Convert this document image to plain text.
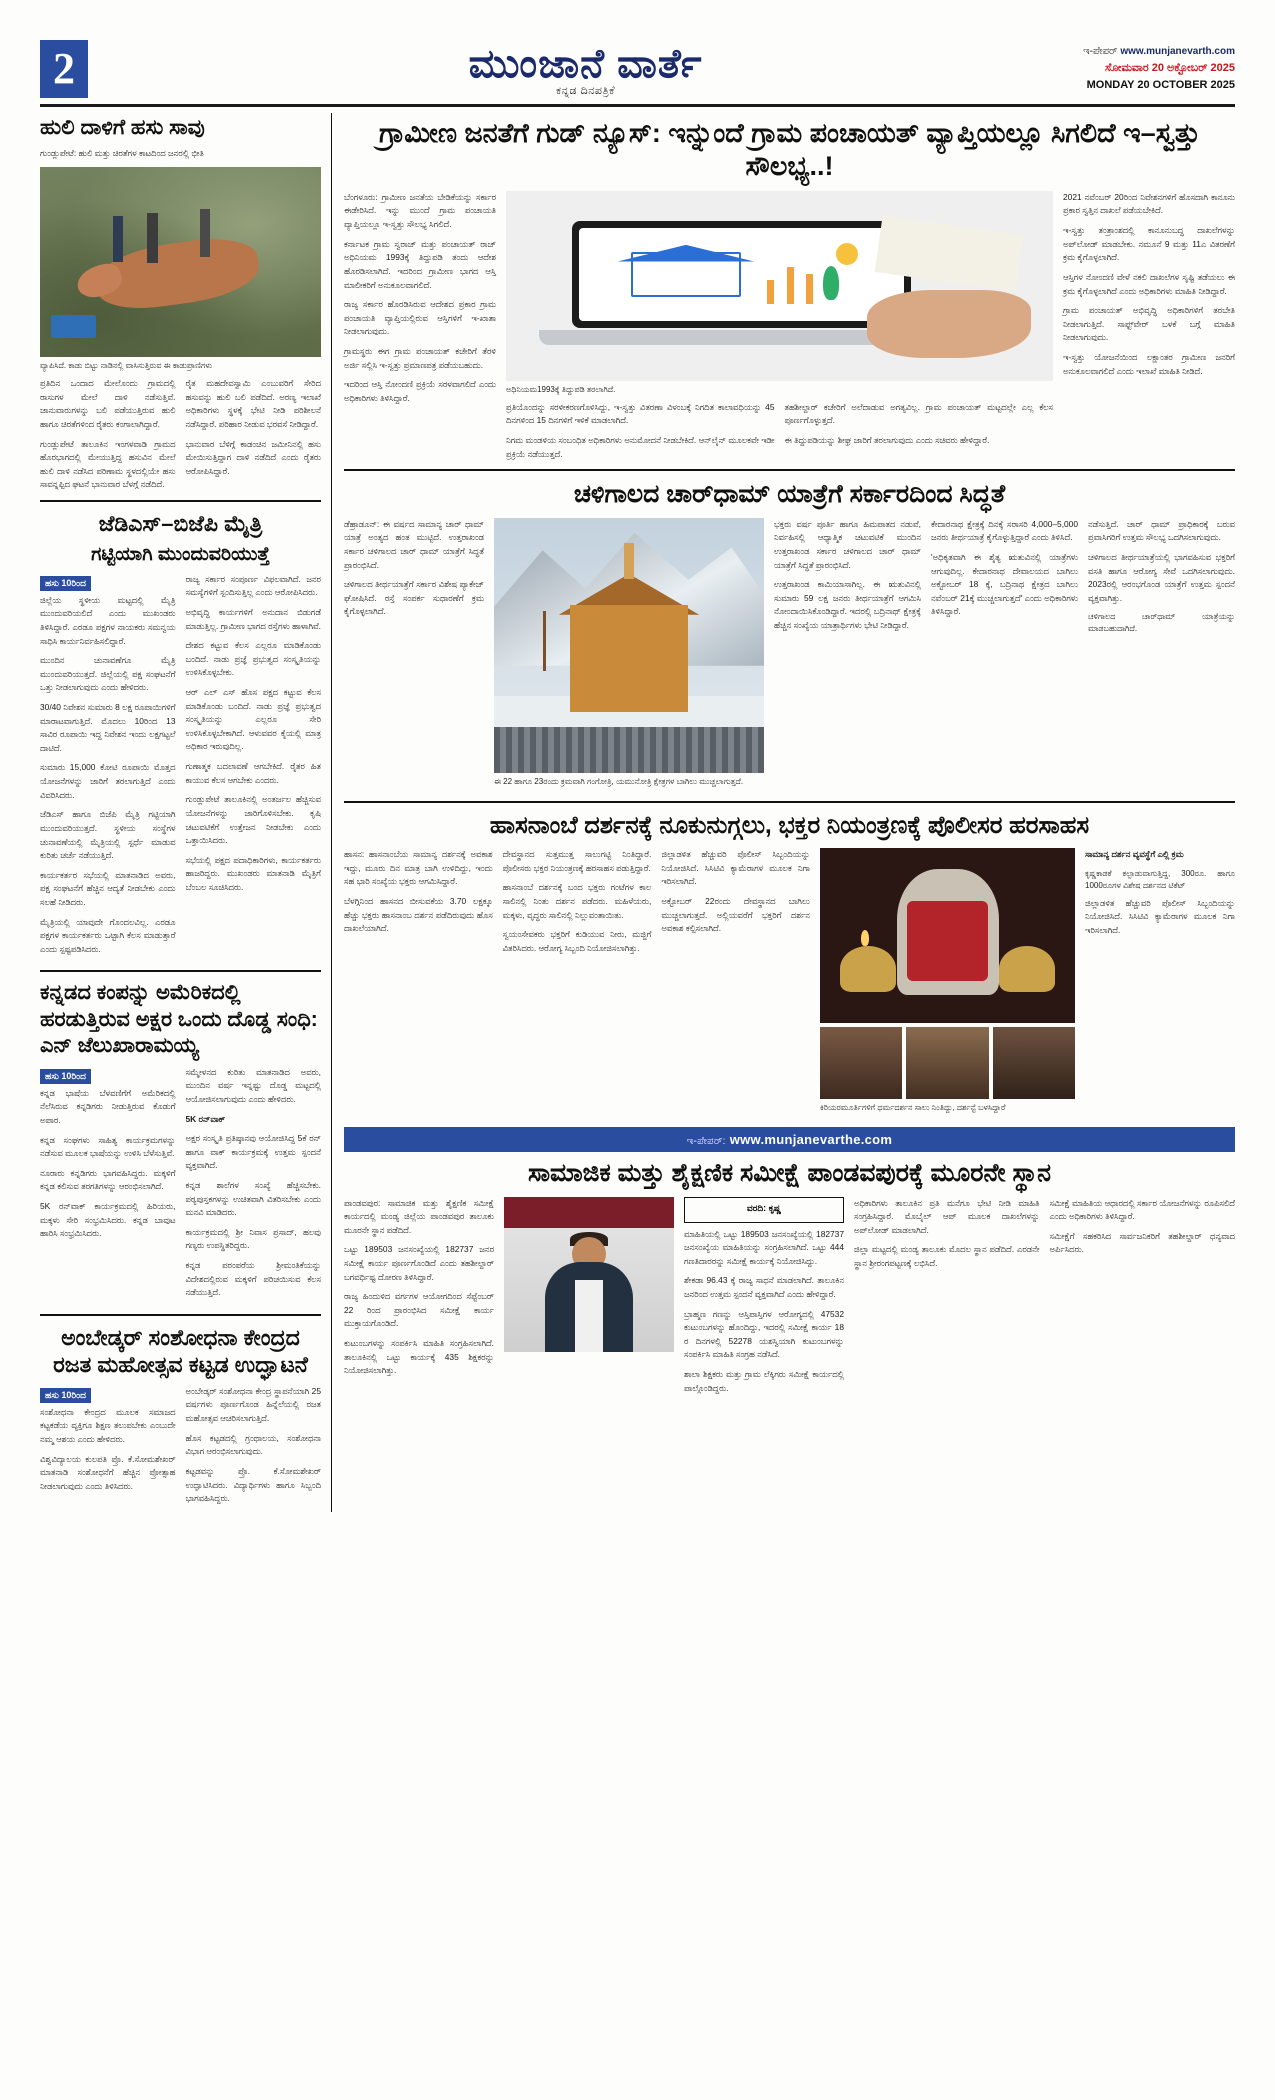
2	ಮುಂಜಾನೆ ವಾರ್ತೆ
ಕನ್ನಡ ದಿನಪತ್ರಿಕೆ
ಇ-ಪೇಪರ್ www.munjanevarth.com
ಸೋಮವಾರ 20 ಅಕ್ಟೋಬರ್ 2025
MONDAY 20 OCTOBER 2025
ಹುಲಿ ದಾಳಿಗೆ ಹಸು ಸಾವು

ಗುಂಡ್ಲುಪೇಟೆ: ಹುಲಿ ಮತ್ತು ಚಿರತೆಗಳ ಕಾಟದಿಂದ ಜನರಲ್ಲಿ ಭೀತಿ

ವ್ಯಾಪಿಸಿದೆ. ಕಾಡು ಬಿಟ್ಟು ನಾಡಿನಲ್ಲಿ ವಾಸಿಸುತ್ತಿರುವ ಈ ಕಾಡುಪ್ರಾಣಿಗಳು

ಪ್ರತಿದಿನ ಒಂದಾದ ಮೇಲೊಂದು ಗ್ರಾಮದಲ್ಲಿ ರಾಸುಗಳ ಮೇಲೆ ದಾಳಿ ನಡೆಸುತ್ತಿವೆ. ಜಾನುವಾರುಗಳನ್ನು ಬಲಿ ಪಡೆಯುತ್ತಿರುವ ಹುಲಿ ಹಾಗೂ ಚಿರತೆಗಳಿಂದ ರೈತರು ಕಂಗಾಲಾಗಿದ್ದಾರೆ.

ಗುಂಡ್ಲುಪೇಟೆ ತಾಲೂಕಿನ ಇಂಗಳವಾಡಿ ಗ್ರಾಮದ ಹೊರಭಾಗದಲ್ಲಿ ಮೇಯುತ್ತಿದ್ದ ಹಸುವಿನ ಮೇಲೆ ಹುಲಿ ದಾಳಿ ನಡೆಸಿದ ಪರಿಣಾಮ ಸ್ಥಳದಲ್ಲಿಯೇ ಹಸು ಸಾವನ್ನಪ್ಪಿದ ಘಟನೆ ಭಾನುವಾರ ಬೆಳಗ್ಗೆ ನಡೆದಿದೆ.

ರೈತ ಮಹದೇವಸ್ವಾಮಿ ಎಂಬುವರಿಗೆ ಸೇರಿದ ಹಸುವನ್ನು ಹುಲಿ ಬಲಿ ಪಡೆದಿದೆ. ಅರಣ್ಯ ಇಲಾಖೆ ಅಧಿಕಾರಿಗಳು ಸ್ಥಳಕ್ಕೆ ಭೇಟಿ ನೀಡಿ ಪರಿಶೀಲನೆ ನಡೆಸಿದ್ದಾರೆ. ಪರಿಹಾರ ನೀಡುವ ಭರವಸೆ ನೀಡಿದ್ದಾರೆ.

ಭಾನುವಾರ ಬೆಳಿಗ್ಗೆ ಕಾಡಂಚಿನ ಜಮೀನಿನಲ್ಲಿ ಹಸು ಮೇಯಿಸುತ್ತಿದ್ದಾಗ ದಾಳಿ ನಡೆದಿದೆ ಎಂದು ರೈತರು ಆರೋಪಿಸಿದ್ದಾರೆ.

ಜೆಡಿಎಸ್–ಬಿಜೆಪಿ ಮೈತ್ರಿ
ಗಟ್ಟಿಯಾಗಿ ಮುಂದುವರಿಯುತ್ತೆ
ಹಸು 10ರಿಂದ

ಜಿಲ್ಲೆಯ ಸ್ಥಳೀಯ ಮಟ್ಟದಲ್ಲಿ ಮೈತ್ರಿ ಮುಂದುವರಿಯಲಿದೆ ಎಂದು ಮುಖಂಡರು ತಿಳಿಸಿದ್ದಾರೆ. ಎರಡೂ ಪಕ್ಷಗಳ ನಾಯಕರು ಸಮನ್ವಯ ಸಾಧಿಸಿ ಕಾರ್ಯನಿರ್ವಹಿಸಲಿದ್ದಾರೆ.

ಮುಂದಿನ ಚುನಾವಣೆಗೂ ಮೈತ್ರಿ ಮುಂದುವರಿಯುತ್ತದೆ. ಜಿಲ್ಲೆಯಲ್ಲಿ ಪಕ್ಷ ಸಂಘಟನೆಗೆ ಒತ್ತು ನೀಡಲಾಗುವುದು ಎಂದು ಹೇಳಿದರು.

30/40 ನಿವೇಶನ ಸುಮಾರು 8 ಲಕ್ಷ ರೂಪಾಯಿಗಳಿಗೆ ಮಾರಾಟವಾಗುತ್ತಿದೆ. ಮೊದಲು 10ರಿಂದ 13 ಸಾವಿರ ರೂಪಾಯಿ ಇದ್ದ ನಿವೇಶನ ಇಂದು ಲಕ್ಷಗಟ್ಟಲೆ ದಾಟಿದೆ.

ಸುಮಾರು 15,000 ಕೋಟಿ ರೂಪಾಯಿ ಮೊತ್ತದ ಯೋಜನೆಗಳನ್ನು ಜಾರಿಗೆ ತರಲಾಗುತ್ತಿದೆ ಎಂದು ವಿವರಿಸಿದರು.

ಜೆಡಿಎಸ್ ಹಾಗೂ ಬಿಜೆಪಿ ಮೈತ್ರಿ ಗಟ್ಟಿಯಾಗಿ ಮುಂದುವರಿಯುತ್ತದೆ. ಸ್ಥಳೀಯ ಸಂಸ್ಥೆಗಳ ಚುನಾವಣೆಯಲ್ಲಿ ಮೈತ್ರಿಯಲ್ಲಿ ಸ್ಪರ್ಧೆ ಮಾಡುವ ಕುರಿತು ಚರ್ಚೆ ನಡೆಯುತ್ತಿದೆ.

ಕಾರ್ಯಕರ್ತರ ಸಭೆಯಲ್ಲಿ ಮಾತನಾಡಿದ ಅವರು, ಪಕ್ಷ ಸಂಘಟನೆಗೆ ಹೆಚ್ಚಿನ ಆದ್ಯತೆ ನೀಡಬೇಕು ಎಂದು ಸಲಹೆ ನೀಡಿದರು.

ಮೈತ್ರಿಯಲ್ಲಿ ಯಾವುದೇ ಗೊಂದಲವಿಲ್ಲ. ಎರಡೂ ಪಕ್ಷಗಳ ಕಾರ್ಯಕರ್ತರು ಒಟ್ಟಾಗಿ ಕೆಲಸ ಮಾಡುತ್ತಾರೆ ಎಂದು ಸ್ಪಷ್ಟಪಡಿಸಿದರು.

ರಾಜ್ಯ ಸರ್ಕಾರ ಸಂಪೂರ್ಣ ವಿಫಲವಾಗಿದೆ. ಜನರ ಸಮಸ್ಯೆಗಳಿಗೆ ಸ್ಪಂದಿಸುತ್ತಿಲ್ಲ ಎಂದು ಆರೋಪಿಸಿದರು.

ಅಭಿವೃದ್ಧಿ ಕಾರ್ಯಗಳಿಗೆ ಅನುದಾನ ಬಿಡುಗಡೆ ಮಾಡುತ್ತಿಲ್ಲ. ಗ್ರಾಮೀಣ ಭಾಗದ ರಸ್ತೆಗಳು ಹಾಳಾಗಿವೆ.

ದೇಶದ ಕಟ್ಟುವ ಕೆಲಸ ಎಲ್ಲರೂ ಮಾಡಿಕೊಂಡು ಬಂದಿದೆ. ನಾಡು ಪ್ರಜ್ಞೆ ಪ್ರಭುತ್ವದ ಸಂಸ್ಕೃತಿಯನ್ನು ಉಳಿಸಿಕೊಳ್ಳಬೇಕು.

ಆರ್ ಎಲ್ ಎಸ್ ಹೊಸ ಪಕ್ಷದ ಕಟ್ಟುವ ಕೆಲಸ ಮಾಡಿಕೊಂಡು ಬಂದಿದೆ. ನಾಡು ಪ್ರಜ್ಞೆ ಪ್ರಭುತ್ವದ ಸಂಸ್ಕೃತಿಯನ್ನು ಎಲ್ಲರೂ ಸೇರಿ ಉಳಿಸಿಕೊಳ್ಳಬೇಕಾಗಿದೆ. ಆಳುವವರ ಕೈಯಲ್ಲಿ ಮಾತ್ರ ಅಧಿಕಾರ ಇರುವುದಿಲ್ಲ.

ಗುಣಾತ್ಮಕ ಬದಲಾವಣೆ ಆಗಬೇಕಿದೆ. ರೈತರ ಹಿತ ಕಾಯುವ ಕೆಲಸ ಆಗಬೇಕು ಎಂದರು.

ಗುಂಡ್ಲುಪೇಟೆ ತಾಲೂಕಿನಲ್ಲಿ ಅಂತರ್ಜಲ ಹೆಚ್ಚಿಸುವ ಯೋಜನೆಗಳನ್ನು ಜಾರಿಗೊಳಿಸಬೇಕು. ಕೃಷಿ ಚಟುವಟಿಕೆಗೆ ಉತ್ತೇಜನ ನೀಡಬೇಕು ಎಂದು ಒತ್ತಾಯಿಸಿದರು.

ಸಭೆಯಲ್ಲಿ ಪಕ್ಷದ ಪದಾಧಿಕಾರಿಗಳು, ಕಾರ್ಯಕರ್ತರು ಹಾಜರಿದ್ದರು. ಮುಖಂಡರು ಮಾತನಾಡಿ ಮೈತ್ರಿಗೆ ಬೆಂಬಲ ಸೂಚಿಸಿದರು.

ಕನ್ನಡದ ಕಂಪನ್ನು ಅಮೆರಿಕದಲ್ಲಿ ಹರಡುತ್ತಿರುವ ಅಕ್ಷರ ಒಂದು ದೊಡ್ಡ ಸಂಧಿ: ಎನ್ ಜೆಲುಖಾರಾಮಯ್ಯ
ಹಸು 10ರಿಂದ

ಕನ್ನಡ ಭಾಷೆಯ ಬೆಳವಣಿಗೆಗೆ ಅಮೆರಿಕದಲ್ಲಿ ನೆಲೆಸಿರುವ ಕನ್ನಡಿಗರು ನೀಡುತ್ತಿರುವ ಕೊಡುಗೆ ಅಪಾರ.

ಕನ್ನಡ ಸಂಘಗಳು ಸಾಹಿತ್ಯ ಕಾರ್ಯಕ್ರಮಗಳನ್ನು ನಡೆಸುವ ಮೂಲಕ ಭಾಷೆಯನ್ನು ಉಳಿಸಿ ಬೆಳೆಸುತ್ತಿವೆ.

ನೂರಾರು ಕನ್ನಡಿಗರು ಭಾಗವಹಿಸಿದ್ದರು. ಮಕ್ಕಳಿಗೆ ಕನ್ನಡ ಕಲಿಸುವ ತರಗತಿಗಳನ್ನು ಆರಂಭಿಸಲಾಗಿದೆ.

5K ರನ್‌ವಾಕ್ ಕಾರ್ಯಕ್ರಮದಲ್ಲಿ ಹಿರಿಯರು, ಮಕ್ಕಳು ಸೇರಿ ಸಂಭ್ರಮಿಸಿದರು. ಕನ್ನಡ ಬಾವುಟ ಹಾರಿಸಿ ಸಂಭ್ರಮಿಸಿದರು.

ಸಮ್ಮೇಳನದ ಕುರಿತು ಮಾತನಾಡಿದ ಅವರು, ಮುಂದಿನ ವರ್ಷ ಇನ್ನಷ್ಟು ದೊಡ್ಡ ಮಟ್ಟದಲ್ಲಿ ಆಯೋಜಿಸಲಾಗುವುದು ಎಂದು ಹೇಳಿದರು.

5K ರನ್‌ವಾಕ್

ಅಕ್ಷರ ಸಂಸ್ಕೃತಿ ಪ್ರತಿಷ್ಠಾನವು ಆಯೋಜಿಸಿದ್ದ 5ಕೆ ರನ್ ಹಾಗೂ ವಾಕ್ ಕಾರ್ಯಕ್ರಮಕ್ಕೆ ಉತ್ತಮ ಸ್ಪಂದನೆ ವ್ಯಕ್ತವಾಗಿದೆ.

ಕನ್ನಡ ಶಾಲೆಗಳ ಸಂಖ್ಯೆ ಹೆಚ್ಚಿಸಬೇಕು. ಪಠ್ಯಪುಸ್ತಕಗಳನ್ನು ಉಚಿತವಾಗಿ ವಿತರಿಸಬೇಕು ಎಂದು ಮನವಿ ಮಾಡಿದರು.

ಕಾರ್ಯಕ್ರಮದಲ್ಲಿ ಶ್ರೀ ನಿವಾಸ ಪ್ರಸಾದ್, ಹಲವು ಗಣ್ಯರು ಉಪಸ್ಥಿತರಿದ್ದರು.

ಕನ್ನಡ ಪರಂಪರೆಯ ಶ್ರೀಮಂತಿಕೆಯನ್ನು ವಿದೇಶದಲ್ಲಿರುವ ಮಕ್ಕಳಿಗೆ ಪರಿಚಯಿಸುವ ಕೆಲಸ ನಡೆಯುತ್ತಿದೆ.

ಅಂಬೇಡ್ಕರ್ ಸಂಶೋಧನಾ ಕೇಂದ್ರದ ರಜತ ಮಹೋತ್ಸವ ಕಟ್ಟಡ ಉದ್ಘಾಟನೆ
ಹಸು 10ರಿಂದ

ಸಂಶೋಧನಾ ಕೇಂದ್ರದ ಮೂಲಕ ಸಮಾಜದ ಕಟ್ಟಕಡೆಯ ವ್ಯಕ್ತಿಗೂ ಶಿಕ್ಷಣ ತಲುಪಬೇಕು ಎಂಬುದೇ ನಮ್ಮ ಆಶಯ ಎಂದು ಹೇಳಿದರು.

ವಿಶ್ವವಿದ್ಯಾಲಯ ಕುಲಪತಿ ಪ್ರೊ. ಕೆ.ಸೋಮಶೇಖರ್ ಮಾತನಾಡಿ ಸಂಶೋಧನೆಗೆ ಹೆಚ್ಚಿನ ಪ್ರೋತ್ಸಾಹ ನೀಡಲಾಗುವುದು ಎಂದು ತಿಳಿಸಿದರು.

ಅಂಬೇಡ್ಕರ್ ಸಂಶೋಧನಾ ಕೇಂದ್ರ ಸ್ಥಾಪನೆಯಾಗಿ 25 ವರ್ಷಗಳು ಪೂರ್ಣಗೊಂಡ ಹಿನ್ನೆಲೆಯಲ್ಲಿ ರಜತ ಮಹೋತ್ಸವ ಆಚರಿಸಲಾಗುತ್ತಿದೆ.

ಹೊಸ ಕಟ್ಟಡದಲ್ಲಿ ಗ್ರಂಥಾಲಯ, ಸಂಶೋಧನಾ ವಿಭಾಗ ಆರಂಭಿಸಲಾಗುವುದು.

ಕಟ್ಟಡವನ್ನು ಪ್ರೊ. ಕೆ.ಸೋಮಶೇಖರ್ ಉದ್ಘಾಟಿಸಿದರು. ವಿದ್ಯಾರ್ಥಿಗಳು ಹಾಗೂ ಸಿಬ್ಬಂದಿ ಭಾಗವಹಿಸಿದ್ದರು.

ಗ್ರಾಮೀಣ ಜನತೆಗೆ ಗುಡ್ ನ್ಯೂಸ್: ಇನ್ನುಂದೆ ಗ್ರಾಮ ಪಂಚಾಯತ್ ವ್ಯಾಪ್ತಿಯಲ್ಲೂ ಸಿಗಲಿದೆ ಇ–ಸ್ವತ್ತು ಸೌಲಭ್ಯ..!

ಬೆಂಗಳೂರು: ಗ್ರಾಮೀಣ ಜನತೆಯ ಬೇಡಿಕೆಯನ್ನು ಸರ್ಕಾರ ಈಡೇರಿಸಿದೆ. ಇನ್ನು ಮುಂದೆ ಗ್ರಾಮ ಪಂಚಾಯತಿ ವ್ಯಾಪ್ತಿಯಲ್ಲೂ ಇ-ಸ್ವತ್ತು ಸೌಲಭ್ಯ ಸಿಗಲಿದೆ.

ಕರ್ನಾಟಕ ಗ್ರಾಮ ಸ್ವರಾಜ್ ಮತ್ತು ಪಂಚಾಯತ್ ರಾಜ್ ಅಧಿನಿಯಮ 1993ಕ್ಕೆ ತಿದ್ದುಪಡಿ ತಂದು ಆದೇಶ ಹೊರಡಿಸಲಾಗಿದೆ. ಇದರಿಂದ ಗ್ರಾಮೀಣ ಭಾಗದ ಆಸ್ತಿ ಮಾಲೀಕರಿಗೆ ಅನುಕೂಲವಾಗಲಿದೆ.

ರಾಜ್ಯ ಸರ್ಕಾರ ಹೊರಡಿಸಿರುವ ಆದೇಶದ ಪ್ರಕಾರ ಗ್ರಾಮ ಪಂಚಾಯತಿ ವ್ಯಾಪ್ತಿಯಲ್ಲಿರುವ ಆಸ್ತಿಗಳಿಗೆ ಇ-ಖಾತಾ ನೀಡಲಾಗುವುದು.

ಗ್ರಾಮಸ್ಥರು ಈಗ ಗ್ರಾಮ ಪಂಚಾಯತ್ ಕಚೇರಿಗೆ ತೆರಳಿ ಅರ್ಜಿ ಸಲ್ಲಿಸಿ ಇ-ಸ್ವತ್ತು ಪ್ರಮಾಣಪತ್ರ ಪಡೆಯಬಹುದು.

ಇದರಿಂದ ಆಸ್ತಿ ನೋಂದಣಿ ಪ್ರಕ್ರಿಯೆ ಸರಳವಾಗಲಿದೆ ಎಂದು ಅಧಿಕಾರಿಗಳು ತಿಳಿಸಿದ್ದಾರೆ.

ಅಧಿನಿಯಮ1993ಕ್ಕೆ ತಿದ್ದುಪಡಿ ತರಲಾಗಿದೆ.

ಪ್ರತಿಯೊಂದನ್ನು ಸರಳೀಕರಣಗೊಳಿಸಿದ್ದು, ಇ-ಸ್ವತ್ತು ವಿತರಣಾ ವಿಳಂಬಕ್ಕೆ ನಿಗದಿತ ಕಾಲಾವಧಿಯನ್ನು 45 ದಿನಗಳಿಂದ 15 ದಿನಗಳಿಗೆ ಇಳಿಕೆ ಮಾಡಲಾಗಿದೆ.

ನಿಗಮ ಮಂಡಳಿಯ ಸಂಬಂಧಿತ ಅಧಿಕಾರಿಗಳು ಅನುಮೋದನೆ ನೀಡಬೇಕಿದೆ. ಆನ್‌ಲೈನ್ ಮೂಲಕವೇ ಇಡೀ ಪ್ರಕ್ರಿಯೆ ನಡೆಯುತ್ತದೆ.

ತಹಶೀಲ್ದಾರ್ ಕಚೇರಿಗೆ ಅಲೆದಾಡುವ ಅಗತ್ಯವಿಲ್ಲ. ಗ್ರಾಮ ಪಂಚಾಯತ್ ಮಟ್ಟದಲ್ಲೇ ಎಲ್ಲ ಕೆಲಸ ಪೂರ್ಣಗೊಳ್ಳುತ್ತದೆ.

ಈ ತಿದ್ದುಪಡಿಯನ್ನು ಶೀಘ್ರ ಜಾರಿಗೆ ತರಲಾಗುವುದು ಎಂದು ಸಚಿವರು ಹೇಳಿದ್ದಾರೆ.

2021 ನವೆಂಬರ್ 20ರಿಂದ ನಿವೇಶನಗಳಿಗೆ ಹೊಸದಾಗಿ ಕಾನೂನು ಪ್ರಕಾರ ಸ್ವತ್ತಿನ ದಾಖಲೆ ಪಡೆಯಬೇಕಿದೆ.

ಇ-ಸ್ವತ್ತು ತಂತ್ರಾಂಶದಲ್ಲಿ ಕಾನೂನುಬದ್ಧ ದಾಖಲೆಗಳನ್ನು ಅಪ್‌ಲೋಡ್ ಮಾಡಬೇಕು. ನಮೂನೆ 9 ಮತ್ತು 11ಎ ವಿತರಣೆಗೆ ಕ್ರಮ ಕೈಗೊಳ್ಳಲಾಗಿದೆ.

ಆಸ್ತಿಗಳ ನೋಂದಣಿ ವೇಳೆ ನಕಲಿ ದಾಖಲೆಗಳ ಸೃಷ್ಟಿ ತಡೆಯಲು ಈ ಕ್ರಮ ಕೈಗೊಳ್ಳಲಾಗಿದೆ ಎಂದು ಅಧಿಕಾರಿಗಳು ಮಾಹಿತಿ ನೀಡಿದ್ದಾರೆ.

ಗ್ರಾಮ ಪಂಚಾಯತ್ ಅಭಿವೃದ್ಧಿ ಅಧಿಕಾರಿಗಳಿಗೆ ತರಬೇತಿ ನೀಡಲಾಗುತ್ತಿದೆ. ಸಾಫ್ಟ್‌ವೇರ್ ಬಳಕೆ ಬಗ್ಗೆ ಮಾಹಿತಿ ನೀಡಲಾಗುವುದು.

ಇ-ಸ್ವತ್ತು ಯೋಜನೆಯಿಂದ ಲಕ್ಷಾಂತರ ಗ್ರಾಮೀಣ ಜನರಿಗೆ ಅನುಕೂಲವಾಗಲಿದೆ ಎಂದು ಇಲಾಖೆ ಮಾಹಿತಿ ನೀಡಿದೆ.

ಚಳಿಗಾಲದ ಚಾರ್‌ಧಾಮ್ ಯಾತ್ರೆಗೆ ಸರ್ಕಾರದಿಂದ ಸಿದ್ಧತೆ

ಡೆಹ್ರಾಡೂನ್: ಈ ವರ್ಷದ ಸಾಮಾನ್ಯ ಚಾರ್ ಧಾಮ್ ಯಾತ್ರೆ ಅಂತ್ಯದ ಹಂತ ಮುಟ್ಟಿದೆ. ಉತ್ತರಾಖಂಡ ಸರ್ಕಾರ ಚಳಿಗಾಲದ ಚಾರ್ ಧಾಮ್ ಯಾತ್ರೆಗೆ ಸಿದ್ಧತೆ ಪ್ರಾರಂಭಿಸಿದೆ.

ಚಳಿಗಾಲದ ತೀರ್ಥಯಾತ್ರೆಗೆ ಸರ್ಕಾರ ವಿಶೇಷ ಪ್ಯಾಕೇಜ್ ಘೋಷಿಸಿದೆ. ರಸ್ತೆ ಸಂಪರ್ಕ ಸುಧಾರಣೆಗೆ ಕ್ರಮ ಕೈಗೊಳ್ಳಲಾಗಿದೆ.

ಈ 22 ಹಾಗೂ 23ರಂದು ಕ್ರಮವಾಗಿ ಗಂಗೋತ್ರಿ, ಯಮುನೋತ್ರಿ ಕ್ಷೇತ್ರಗಳ ಬಾಗಿಲು ಮುಚ್ಚಲಾಗುತ್ತದೆ.

ಭಕ್ತರು ವರ್ಷ ಪೂರ್ತಿ ಹಾಗೂ ಹಿಮಪಾತದ ನಡುವೆ, ನಿರ್ವಹಿಸಲ್ಲಿ ಆಧ್ಯಾತ್ಮಿಕ ಚಟುವಟಿಕೆ ಮುಂದಿನ ಉತ್ತರಾಖಂಡ ಸರ್ಕಾರ ಚಳಿಗಾಲದ ಚಾರ್ ಧಾಮ್ ಯಾತ್ರೆಗೆ ಸಿದ್ಧತೆ ಪ್ರಾರಂಭಿಸಿದೆ.

ಉತ್ತರಾಖಂಡ ಕಾಮಿಯಾಸಾಗಿಲ್ಲ. ಈ ಋತುವಿನಲ್ಲಿ ಸುಮಾರು 59 ಲಕ್ಷ ಜನರು ತೀರ್ಥಯಾತ್ರೆಗೆ ಆಗಮಿಸಿ ನೋಂದಾಯಿಸಿಕೊಂಡಿದ್ದಾರೆ. ಇದರಲ್ಲಿ ಬದ್ರಿನಾಥ್ ಕ್ಷೇತ್ರಕ್ಕೆ ಹೆಚ್ಚಿನ ಸಂಖ್ಯೆಯ ಯಾತ್ರಾರ್ಥಿಗಳು ಭೇಟಿ ನೀಡಿದ್ದಾರೆ.

ಕೇದಾರನಾಥ ಕ್ಷೇತ್ರಕ್ಕೆ ದಿನಕ್ಕೆ ಸರಾಸರಿ 4,000–5,000 ಜನರು ತೀರ್ಥಯಾತ್ರೆ ಕೈಗೊಳ್ಳುತ್ತಿದ್ದಾರೆ ಎಂದು ತಿಳಿಸಿದೆ.

'ಅಧಿಕೃತವಾಗಿ ಈ ಶೈತ್ಯ ಋತುವಿನಲ್ಲಿ ಯಾತ್ರೆಗಳು ಆಗುವುದಿಲ್ಲ. ಕೇದಾರನಾಥ ದೇವಾಲಯದ ಬಾಗಿಲು ಅಕ್ಟೋಬರ್ 18 ಕ್ಕೆ, ಬದ್ರಿನಾಥ ಕ್ಷೇತ್ರದ ಬಾಗಿಲು ನವೆಂಬರ್ 21ಕ್ಕೆ ಮುಚ್ಚಲಾಗುತ್ತದೆ' ಎಂದು ಅಧಿಕಾರಿಗಳು ತಿಳಿಸಿದ್ದಾರೆ.

ನಡೆಸುತ್ತಿದೆ. ಚಾರ್ ಧಾಮ್ ಪ್ರಾಧಿಕಾರಕ್ಕೆ ಬರುವ ಪ್ರವಾಸಿಗರಿಗೆ ಉತ್ತಮ ಸೌಲಭ್ಯ ಒದಗಿಸಲಾಗುವುದು.

ಚಳಿಗಾಲದ ತೀರ್ಥಯಾತ್ರೆಯಲ್ಲಿ ಭಾಗವಹಿಸುವ ಭಕ್ತರಿಗೆ ವಸತಿ ಹಾಗೂ ಆರೋಗ್ಯ ಸೇವೆ ಒದಗಿಸಲಾಗುವುದು. 2023ರಲ್ಲಿ ಆರಂಭಗೊಂಡ ಯಾತ್ರೆಗೆ ಉತ್ತಮ ಸ್ಪಂದನೆ ವ್ಯಕ್ತವಾಗಿತ್ತು.

ಚಳಿಗಾಲದ ಚಾರ್‌ಧಾಮ್ ಯಾತ್ರೆಯನ್ನು ಮಾಡಬಹುದಾಗಿದೆ.

ಹಾಸನಾಂಬೆ ದರ್ಶನಕ್ಕೆ ನೂಕುನುಗ್ಗಲು, ಭಕ್ತರ ನಿಯಂತ್ರಣಕ್ಕೆ ಪೊಲೀಸರ ಹರಸಾಹಸ

ಹಾಸನ: ಹಾಸನಾಂಬೆಯ ಸಾಮಾನ್ಯ ದರ್ಶನಕ್ಕೆ ಅವಕಾಶ ಇದ್ದು, ಮೂರು ದಿನ ಮಾತ್ರ ಬಾಗಿ ಉಳಿದಿದ್ದು, ಇಂದು ಸಹ ಭಾರಿ ಸಂಖ್ಯೆಯ ಭಕ್ತರು ಆಗಮಿಸಿದ್ದಾರೆ.

ಬೆಳಗ್ಗಿನಿಂದ ಹಾಸನದ ಬೀಸುವಕೆಯ 3.70 ಲಕ್ಷಕ್ಕೂ ಹೆಚ್ಚು ಭಕ್ತರು ಹಾಸನಾಂಬ ದರ್ಶನ ಪಡೆದಿರುವುದು ಹೊಸ ದಾಖಲೆಯಾಗಿದೆ.

ದೇವಸ್ಥಾನದ ಸುತ್ತಮುತ್ತ ಸಾಲುಗಟ್ಟಿ ನಿಂತಿದ್ದಾರೆ. ಪೊಲೀಸರು ಭಕ್ತರ ನಿಯಂತ್ರಣಕ್ಕೆ ಹರಸಾಹಸ ಪಡುತ್ತಿದ್ದಾರೆ.

ಹಾಸನಾಂಬೆ ದರ್ಶನಕ್ಕೆ ಬಂದ ಭಕ್ತರು ಗಂಟೆಗಳ ಕಾಲ ಸಾಲಿನಲ್ಲಿ ನಿಂತು ದರ್ಶನ ಪಡೆದರು. ಮಹಿಳೆಯರು, ಮಕ್ಕಳು, ವೃದ್ಧರು ಸಾಲಿನಲ್ಲಿ ನಿಲ್ಲುವಂತಾಯಿತು.

ಸ್ವಯಂಸೇವಕರು ಭಕ್ತರಿಗೆ ಕುಡಿಯುವ ನೀರು, ಮಜ್ಜಿಗೆ ವಿತರಿಸಿದರು. ಆರೋಗ್ಯ ಸಿಬ್ಬಂದಿ ನಿಯೋಜಿಸಲಾಗಿತ್ತು.

ಜಿಲ್ಲಾಡಳಿತ ಹೆಚ್ಚುವರಿ ಪೊಲೀಸ್ ಸಿಬ್ಬಂದಿಯನ್ನು ನಿಯೋಜಿಸಿದೆ. ಸಿಸಿಟಿವಿ ಕ್ಯಾಮೆರಾಗಳ ಮೂಲಕ ನಿಗಾ ಇರಿಸಲಾಗಿದೆ.

ಅಕ್ಟೋಬರ್ 22ರಂದು ದೇವಸ್ಥಾನದ ಬಾಗಿಲು ಮುಚ್ಚಲಾಗುತ್ತದೆ. ಅಲ್ಲಿಯವರೆಗೆ ಭಕ್ತರಿಗೆ ದರ್ಶನ ಅವಕಾಶ ಕಲ್ಪಿಸಲಾಗಿದೆ.

ಕಿರಿಯರಮೂರ್ತಿಗಳಿಗೆ ಧರ್ಮದರ್ಶನ ಸಾಲು ನಿಂತಿದ್ದು, ದರ್ಶನ್ಟೆ ಬಳಸಿದ್ದಾರೆ

ಸಾಮಾನ್ಯ ದರ್ಶನ ವ್ಯವಸ್ಥೆಗೆ ಎಲ್ಲಿ ಕ್ರಮ

ಕೃಷ್ಣಕಾಡಕೆ ಕಲ್ಪಾಡುವಾಗುತ್ತಿದ್ದ, 300ರೂ. ಹಾಗೂ 1000ರೂಗಳ ವಿಶೇಷ ದರ್ಶನದ ಟಿಕೆಟ್

ಜಿಲ್ಲಾಡಳಿತ ಹೆಚ್ಚುವರಿ ಪೊಲೀಸ್ ಸಿಬ್ಬಂದಿಯನ್ನು ನಿಯೋಜಿಸಿದೆ. ಸಿಸಿಟಿವಿ ಕ್ಯಾಮೆರಾಗಳ ಮೂಲಕ ನಿಗಾ ಇರಿಸಲಾಗಿದೆ.

ಇ-ಪೇಪರ್: www.munjanevarthe.com
ಸಾಮಾಜಿಕ ಮತ್ತು ಶೈಕ್ಷಣಿಕ ಸಮೀಕ್ಷೆ ಪಾಂಡವಪುರಕ್ಕೆ ಮೂರನೇ ಸ್ಥಾನ

ಪಾಂಡವಪುರ: ಸಾಮಾಜಿಕ ಮತ್ತು ಶೈಕ್ಷಣಿಕ ಸಮೀಕ್ಷೆ ಕಾರ್ಯದಲ್ಲಿ ಮಂಡ್ಯ ಜಿಲ್ಲೆಯ ಪಾಂಡವಪುರ ತಾಲೂಕು ಮೂರನೇ ಸ್ಥಾನ ಪಡೆದಿದೆ.

ಒಟ್ಟು 189503 ಜನಸಂಖ್ಯೆಯಲ್ಲಿ 182737 ಜನರ ಸಮೀಕ್ಷೆ ಕಾರ್ಯ ಪೂರ್ಣಗೊಂಡಿದೆ ಎಂದು ತಹಶೀಲ್ದಾರ್ ಬಗವರ್ಧಿಷ್ಟ ದೋರಣ ತಿಳಿಸಿದ್ದಾರೆ.

ರಾಜ್ಯ ಹಿಂದುಳಿದ ವರ್ಗಗಳ ಆಯೋಗದಿಂದ ಸೆಪ್ಟೆಂಬರ್ 22 ರಿಂದ ಪ್ರಾರಂಭಿಸಿದ ಸಮೀಕ್ಷೆ ಕಾರ್ಯ ಮುಕ್ತಾಯಗೊಂಡಿದೆ.

ಕುಟುಂಬಗಳನ್ನು ಸಂಪರ್ಕಿಸಿ ಮಾಹಿತಿ ಸಂಗ್ರಹಿಸಲಾಗಿದೆ. ತಾಲೂಕಿನಲ್ಲಿ ಒಟ್ಟು ಕಾರ್ಯಕ್ಕೆ 435 ಶಿಕ್ಷಕರನ್ನು ನಿಯೋಜಿಸಲಾಗಿತ್ತು.

ವರದಿ: ಕೃಷ್ಣ

ಮಾಹಿತಿಯಲ್ಲಿ ಒಟ್ಟು 189503 ಜನಸಂಖ್ಯೆಯಲ್ಲಿ 182737 ಜನಸಂಖ್ಯೆಯ ಮಾಹಿತಿಯನ್ನು ಸಂಗ್ರಹಿಸಲಾಗಿದೆ. ಒಟ್ಟು 444 ಗಣತಿದಾರರನ್ನು ಸಮೀಕ್ಷೆ ಕಾರ್ಯಕ್ಕೆ ನಿಯೋಜಿಸಿದ್ದು.

ಶೇಕಡಾ 96.43 ಕ್ಕೆ ರಾಜ್ಯ ಸಾಧನೆ ಮಾಡಲಾಗಿದೆ. ತಾಲೂಕಿನ ಜನರಿಂದ ಉತ್ತಮ ಸ್ಪಂದನೆ ವ್ಯಕ್ತವಾಗಿದೆ ಎಂದು ಹೇಳಿದ್ದಾರೆ.

ಬ್ರಾಹ್ಮಣ ಗಣನ್ನು ಆಸ್ತಿಪಾಸ್ತಿಗಳ ಆರೋಗ್ಯದಲ್ಲಿ 47532 ಕುಟುಂಬಗಳನ್ನು ಹೊಂದಿದ್ದು, ಇದರಲ್ಲಿ ಸಮೀಕ್ಷೆ ಕಾರ್ಯ 18 ರ ದಿನಗಳಲ್ಲಿ 52278 ಯಶಸ್ವಿಯಾಗಿ ಕುಟುಂಬಗಳನ್ನು ಸಂಪರ್ಕಿಸಿ ಮಾಹಿತಿ ಸಂಗ್ರಹ ನಡೆಸಿದೆ.

ಶಾಲಾ ಶಿಕ್ಷಕರು ಮತ್ತು ಗ್ರಾಮ ಲೆಕ್ಕಿಗರು ಸಮೀಕ್ಷೆ ಕಾರ್ಯದಲ್ಲಿ ಪಾಲ್ಗೊಂಡಿದ್ದರು.

ಅಧಿಕಾರಿಗಳು ತಾಲೂಕಿನ ಪ್ರತಿ ಮನೆಗೂ ಭೇಟಿ ನೀಡಿ ಮಾಹಿತಿ ಸಂಗ್ರಹಿಸಿದ್ದಾರೆ. ಮೊಬೈಲ್ ಆಪ್ ಮೂಲಕ ದಾಖಲೆಗಳನ್ನು ಅಪ್‌ಲೋಡ್ ಮಾಡಲಾಗಿದೆ.

ಜಿಲ್ಲಾ ಮಟ್ಟದಲ್ಲಿ ಮಂಡ್ಯ ತಾಲೂಕು ಮೊದಲ ಸ್ಥಾನ ಪಡೆದಿದೆ. ಎರಡನೇ ಸ್ಥಾನ ಶ್ರೀರಂಗಪಟ್ಟಣಕ್ಕೆ ಲಭಿಸಿದೆ.

ಸಮೀಕ್ಷೆ ಮಾಹಿತಿಯ ಆಧಾರದಲ್ಲಿ ಸರ್ಕಾರ ಯೋಜನೆಗಳನ್ನು ರೂಪಿಸಲಿದೆ ಎಂದು ಅಧಿಕಾರಿಗಳು ತಿಳಿಸಿದ್ದಾರೆ.

ಸಮೀಕ್ಷೆಗೆ ಸಹಕರಿಸಿದ ಸಾರ್ವಜನಿಕರಿಗೆ ತಹಶೀಲ್ದಾರ್ ಧನ್ಯವಾದ ಅರ್ಪಿಸಿದರು.
